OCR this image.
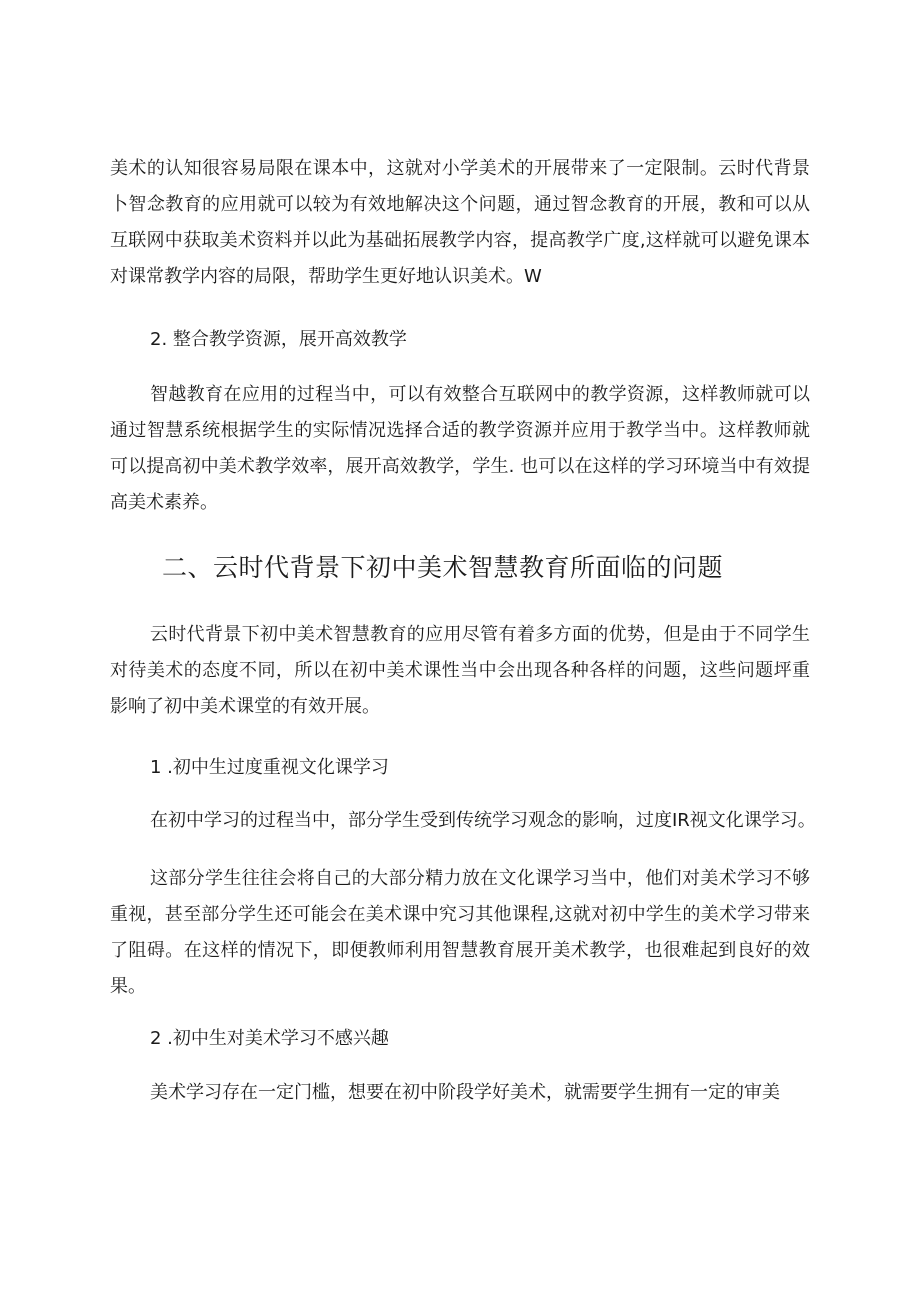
美术的认知很容易局限在课本中，这就对小学美术的开展带来了一定限制。云时代背景卜智念教育的应用就可以较为有效地解决这个问题，通过智念教育的开展，教和可以从互联网中获取美术资料并以此为基础拓展教学内容，提高教学广度,这样就可以避免课本对课常教学内容的局限，帮助学生更好地认识美术。W

2. 整合教学资源，展开高效教学

智越教育在应用的过程当中，可以有效整合互联网中的教学资源，这样教师就可以通过智慧系统根据学生的实际情况选择合适的教学资源并应用于教学当中。这样教师就可以提高初中美术教学效率，展开高效教学，学生. 也可以在这样的学习环境当中有效提高美术素养。

二、云时代背景下初中美术智慧教育所面临的问题

云时代背景下初中美术智慧教育的应用尽管有着多方面的优势，但是由于不同学生对待美术的态度不同，所以在初中美术课性当中会出现各种各样的问题，这些问题坪重影响了初中美术课堂的有效开展。

1 .初中生过度重视文化课学习

在初中学习的过程当中，部分学生受到传统学习观念的影响，过度IR视文化课学习。

这部分学生往往会将自己的大部分精力放在文化课学习当中，他们对美术学习不够重视，甚至部分学生还可能会在美术课中究习其他课程,这就对初中学生的美术学习带来了阻碍。在这样的情况下，即便教师利用智慧教育展开美术教学，也很难起到良好的效果。

2 .初中生对美术学习不感兴趣

美术学习存在一定门槛，想要在初中阶段学好美术，就需要学生拥有一定的审美
